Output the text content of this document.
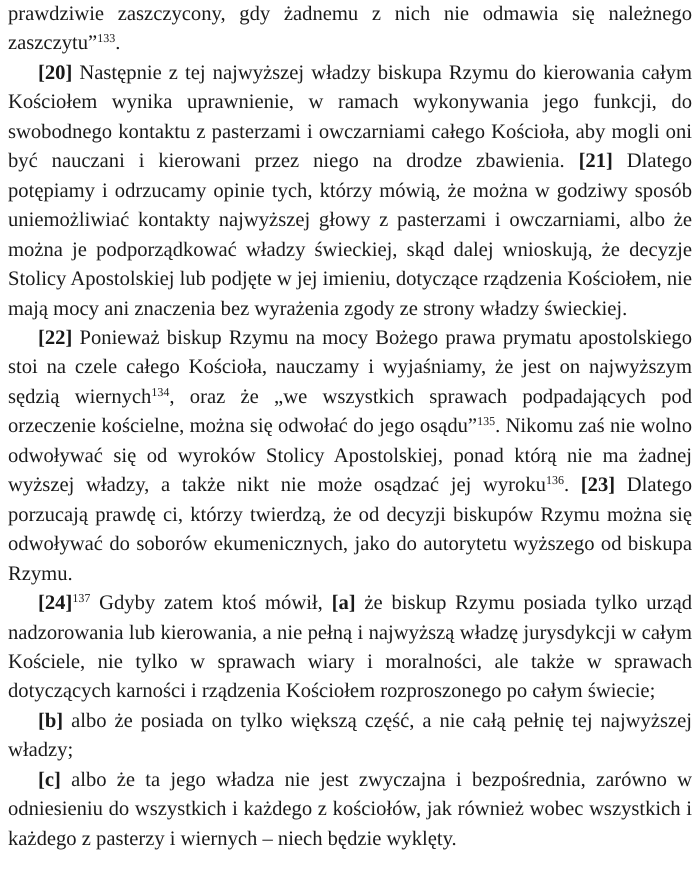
prawdziwie zaszczycony, gdy żadnemu z nich nie odmawia się należnego zaszczytu”$^{133}$.

[20] Następnie z tej najwyższej władzy biskupa Rzymu do kierowania całym Kościołem wynika uprawnienie, w ramach wykonywania jego funkcji, do swobodnego kontaktu z pasterzami i owczarniami całego Kościoła, aby mogli oni być nauczani i kierowani przez niego na drodze zbawienia. [21] Dlatego potępiamy i odrzucamy opinie tych, którzy mówią, że można w godziwy sposób uniemożliwiać kontakty najwyższej głowy z pasterzami i owczarniami, albo że można je podporządkować władzy świeckiej, skąd dalej wnioskują, że decyzje Stolicy Apostolskiej lub podjęte w jej imieniu, dotyczące rządzenia Kościołem, nie mają mocy ani znaczenia bez wyrażenia zgody ze strony władzy świeckiej.

[22] Ponieważ biskup Rzymu na mocy Bożego prawa prymatu apostolskiego stoi na czele całego Kościoła, nauczamy i wyjaśniamy, że jest on najwyższym sędzią wiernych$^{134}$, oraz że „we wszystkich sprawach podpadających pod orzeczenie kościelne, można się odwołać do jego osądu”$^{135}$. Nikomu zaś nie wolno odwoływać się od wyroków Stolicy Apostolskiej, ponad którą nie ma żadnej wyższej władzy, a także nikt nie może osądzać jej wyroku$^{136}$. [23] Dlatego porzucają prawdę ci, którzy twierdzą, że od decyzji biskupów Rzymu można się odwoływać do soborów ekumenicznych, jako do autorytetu wyższego od biskupa Rzymu.

$[24]^{137}$ Gdyby zatem ktoś mówił, [a] że biskup Rzymu posiada tylko urząd nadzorowania lub kierowania, a nie pełną i najwyższą władzę jurysdykcji w całym Kościele, nie tylko w sprawach wiary i moralności, ale także w sprawach dotyczących karności i rządzenia Kościołem rozproszonego po całym świecie;

[b] albo że posiada on tylko większą część, a nie całą pełnię tej najwyższej władzy;

[c] albo że ta jego władza nie jest zwyczajna i bezpośrednia, zarówno w odniesieniu do wszystkich i każdego z kościołów, jak również wobec wszystkich i każdego z pasterzy i wiernych – niech będzie wyklęty.
